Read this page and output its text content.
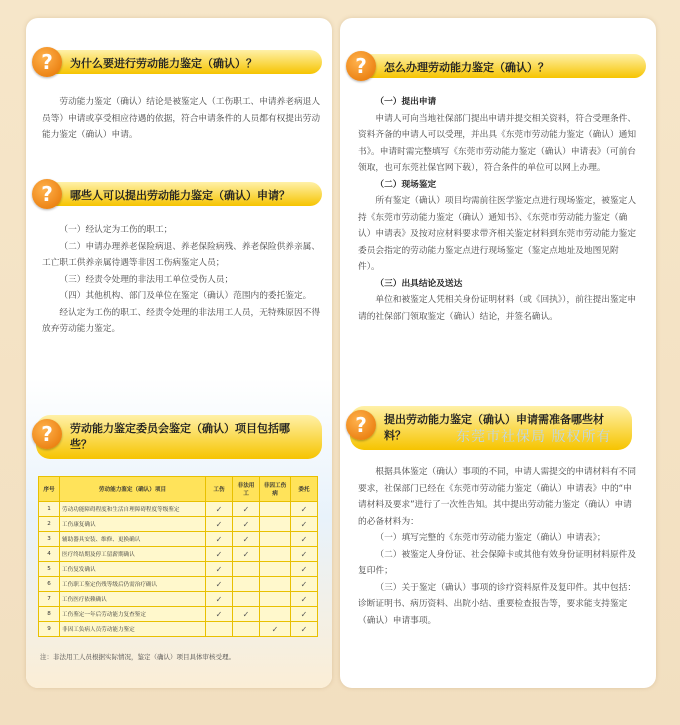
?	为什么要进行劳动能力鉴定（确认）？

劳动能力鉴定（确认）结论是被鉴定人（工伤职工、申请养老病退人员等）申请或享受相应待遇的依据，符合申请条件的人员都有权提出劳动能力鉴定（确认）申请。

?	哪些人可以提出劳动能力鉴定（确认）申请？

（一）经认定为工伤的职工；

（二）申请办理养老保险病退、养老保险病残、养老保险供养亲属、工亡职工供养亲属待遇等非因工伤病鉴定人员；

（三）经责令处理的非法用工单位受伤人员；

（四）其他机构、部门及单位在鉴定（确认）范围内的委托鉴定。

经认定为工伤的职工、经责令处理的非法用工人员，无特殊原因不得放弃劳动能力鉴定。

?	劳动能力鉴定委员会鉴定（确认）项目包括哪些？
序号	劳动能力鉴定（确认）项目	工伤	非法用工	非因工伤病	委托
1	劳动功能障碍程度和生活自理障碍程度等级鉴定	✓	✓		✓
2	工伤康复确认	✓	✓		✓
3	辅助器具安装、维修、更换确认	✓	✓		✓
4	医疗终结期及停工留薪期确认	✓	✓		✓
5	工伤复发确认	✓			✓
6	工伤职工鉴定伤残等级后仍需治疗确认	✓			✓
7	工伤医疗依赖确认	✓			✓
8	工伤鉴定一年后劳动能力复查鉴定	✓	✓		✓
9	非因工负病人员劳动能力鉴定			✓	✓
注：非法用工人员根据实际情况，鉴定（确认）项目具体审核受理。
?	怎么办理劳动能力鉴定（确认）？

（一）提出申请

申请人可向当地社保部门提出申请并提交相关资料，符合受理条件、资料齐备的申请人可以受理，并出具《东莞市劳动能力鉴定（确认）通知书》。申请时需完整填写《东莞市劳动能力鉴定（确认）申请表》（可前台领取，也可东莞社保官网下载），符合条件的单位可以网上办理。

（二）现场鉴定

所有鉴定（确认）项目均需前往医学鉴定点进行现场鉴定，被鉴定人持《东莞市劳动能力鉴定（确认）通知书》、《东莞市劳动能力鉴定（确认）申请表》及按对应材料要求带齐相关鉴定材料到东莞市劳动能力鉴定委员会指定的劳动能力鉴定点进行现场鉴定（鉴定点地址及地图见附件）。

（三）出具结论及送达

单位和被鉴定人凭相关身份证明材料（或《回执》），前往提出鉴定申请的社保部门领取鉴定（确认）结论，并签名确认。

?	提出劳动能力鉴定（确认）申请需准备哪些材料？	东莞市社保局 版权所有

根据具体鉴定（确认）事项的不同，申请人需提交的申请材料有不同要求，社保部门已经在《东莞市劳动能力鉴定（确认）申请表》中的“申请材料及要求”进行了一次性告知。其中提出劳动能力鉴定（确认）申请的必备材料为：

（一）填写完整的《东莞市劳动能力鉴定（确认）申请表》；

（二）被鉴定人身份证、社会保障卡或其他有效身份证明材料原件及复印件；

（三）关于鉴定（确认）事项的诊疗资料原件及复印件。其中包括：诊断证明书、病历资料、出院小结、重要检查报告等，要求能支持鉴定（确认）申请事项。
